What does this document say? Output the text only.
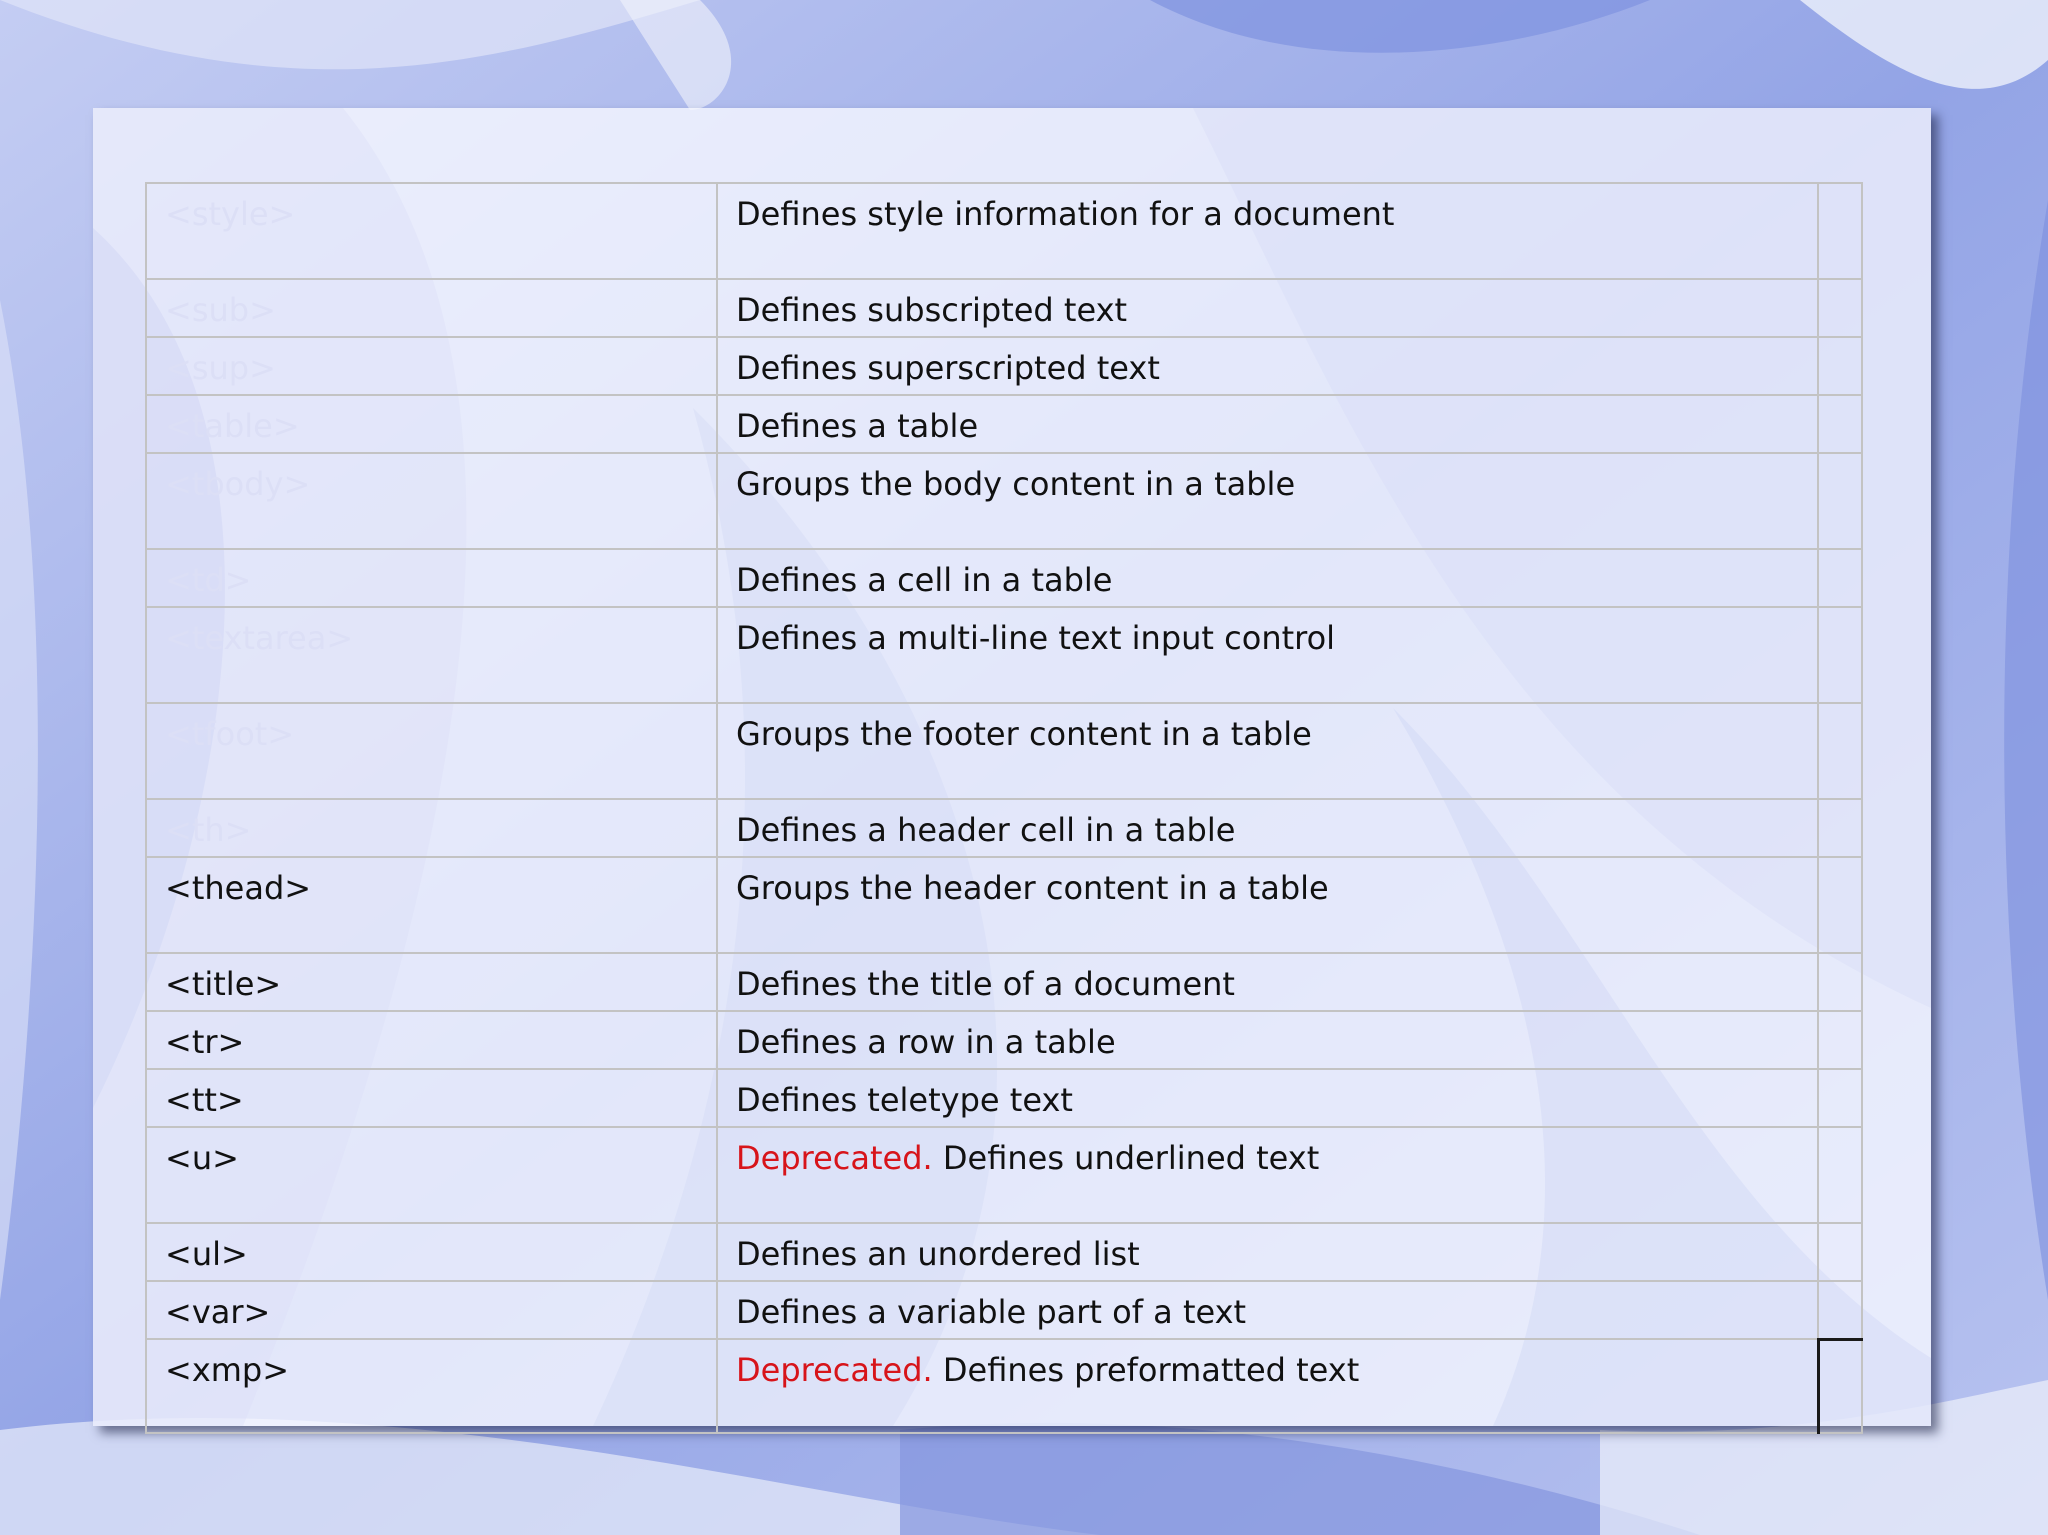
<style>	Defines style information for a document	
<sub>	Defines subscripted text	
<sup>	Defines superscripted text	
<table>	Defines a table	
<tbody>	Groups the body content in a table	
<td>	Defines a cell in a table	
<textarea>	Defines a multi-line text input control	
<tfoot>	Groups the footer content in a table	
<th>	Defines a header cell in a table	
<thead>	Groups the header content in a table	
<title>	Defines the title of a document	
<tr>	Defines a row in a table	
<tt>	Defines teletype text	
<u>	Deprecated. Defines underlined text	
<ul>	Defines an unordered list	
<var>	Defines a variable part of a text	
<xmp>	Deprecated. Defines preformatted text	
